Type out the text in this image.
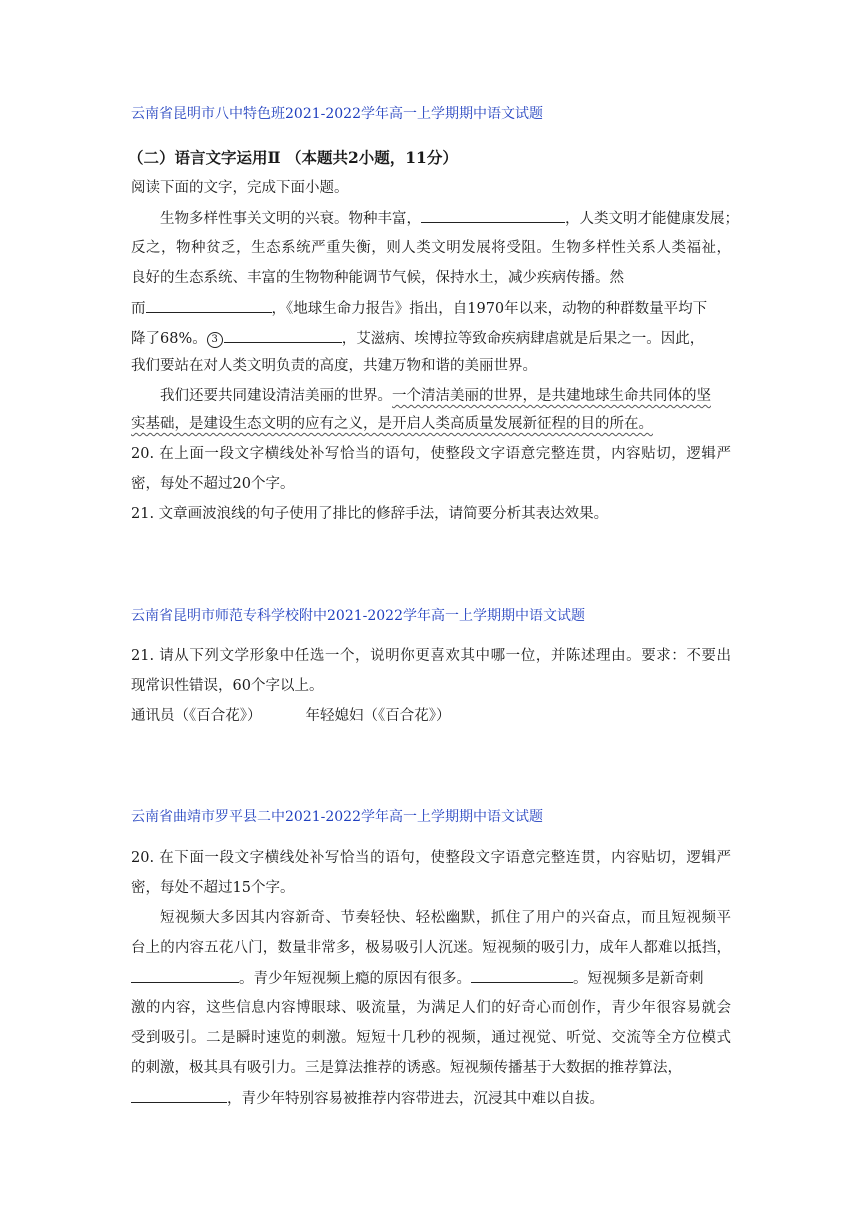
云南省昆明市八中特色班2021-2022学年高一上学期期中语文试题
（二）语言文字运用Ⅱ （本题共2小题，11分）
阅读下面的文字，完成下面小题。
生物多样性事关文明的兴衰。物种丰富，	，人类文明才能健康发展；
反之，物种贫乏，生态系统严重失衡，则人类文明发展将受阻。生物多样性关系人类福祉，
良好的生态系统、丰富的生物物种能调节气候，保持水土，减少疾病传播。然
而	，《地球生命力报告》指出，自1970年以来，动物的种群数量平均下
降了68%。 3	，艾滋病、埃博拉等致命疾病肆虐就是后果之一。因此，
我们要站在对人类文明负责的高度，共建万物和谐的美丽世界。
我们还要共同建设清洁美丽的世界。一个清洁美丽的世界，是共建地球生命共同体的坚
实基础，是建设生态文明的应有之义，是开启人类高质量发展新征程的目的所在。
20. 在上面一段文字横线处补写恰当的语句，使整段文字语意完整连贯，内容贴切，逻辑严
密，每处不超过20个字。
21. 文章画波浪线的句子使用了排比的修辞手法，请简要分析其表达效果。
云南省昆明市师范专科学校附中2021-2022学年高一上学期期中语文试题
21. 请从下列文学形象中任选一个，说明你更喜欢其中哪一位，并陈述理由。要求：不要出
现常识性错误，60个字以上。
通讯员（《百合花》）	年轻媳妇（《百合花》）
云南省曲靖市罗平县二中2021-2022学年高一上学期期中语文试题
20. 在下面一段文字横线处补写恰当的语句，使整段文字语意完整连贯，内容贴切，逻辑严
密，每处不超过15个字。
短视频大多因其内容新奇、节奏轻快、轻松幽默，抓住了用户的兴奋点，而且短视频平
台上的内容五花八门，数量非常多，极易吸引人沉迷。短视频的吸引力，成年人都难以抵挡，
。青少年短视频上瘾的原因有很多。	。短视频多是新奇刺
激的内容，这些信息内容博眼球、吸流量，为满足人们的好奇心而创作，青少年很容易就会
受到吸引。二是瞬时速览的刺激。短短十几秒的视频，通过视觉、听觉、交流等全方位模式
的刺激，极其具有吸引力。三是算法推荐的诱惑。短视频传播基于大数据的推荐算法，
，青少年特别容易被推荐内容带进去，沉浸其中难以自拔。
